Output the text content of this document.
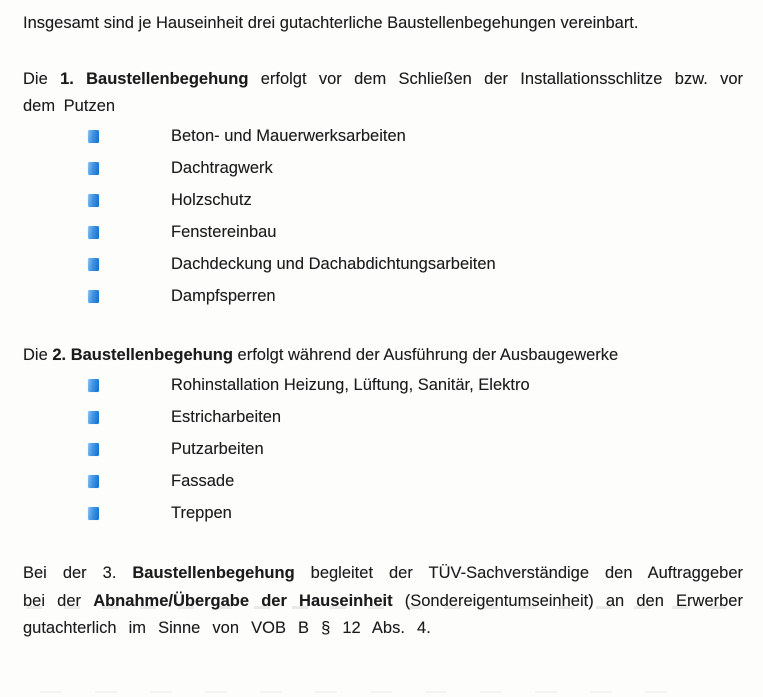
Insgesamt sind je Hauseinheit drei gutachterliche Baustellenbegehungen vereinbart.

Die 1. Baustellenbegehung erfolgt vor dem Schließen der Installationsschlitze bzw. vor dem Putzen

Beton- und Mauerwerksarbeiten
Dachtragwerk
Holzschutz
Fenstereinbau
Dachdeckung und Dachabdichtungsarbeiten
Dampfsperren

Die 2. Baustellenbegehung erfolgt während der Ausführung der Ausbaugewerke

Rohinstallation Heizung, Lüftung, Sanitär, Elektro
Estricharbeiten
Putzarbeiten
Fassade
Treppen

Bei der 3. Baustellenbegehung begleitet der TÜV-Sachverständige den Auftraggeber bei der Abnahme/Übergabe der Hauseinheit (Sondereigentumseinheit) an den Erwerber gutachterlich im Sinne von VOB B § 12 Abs. 4.
